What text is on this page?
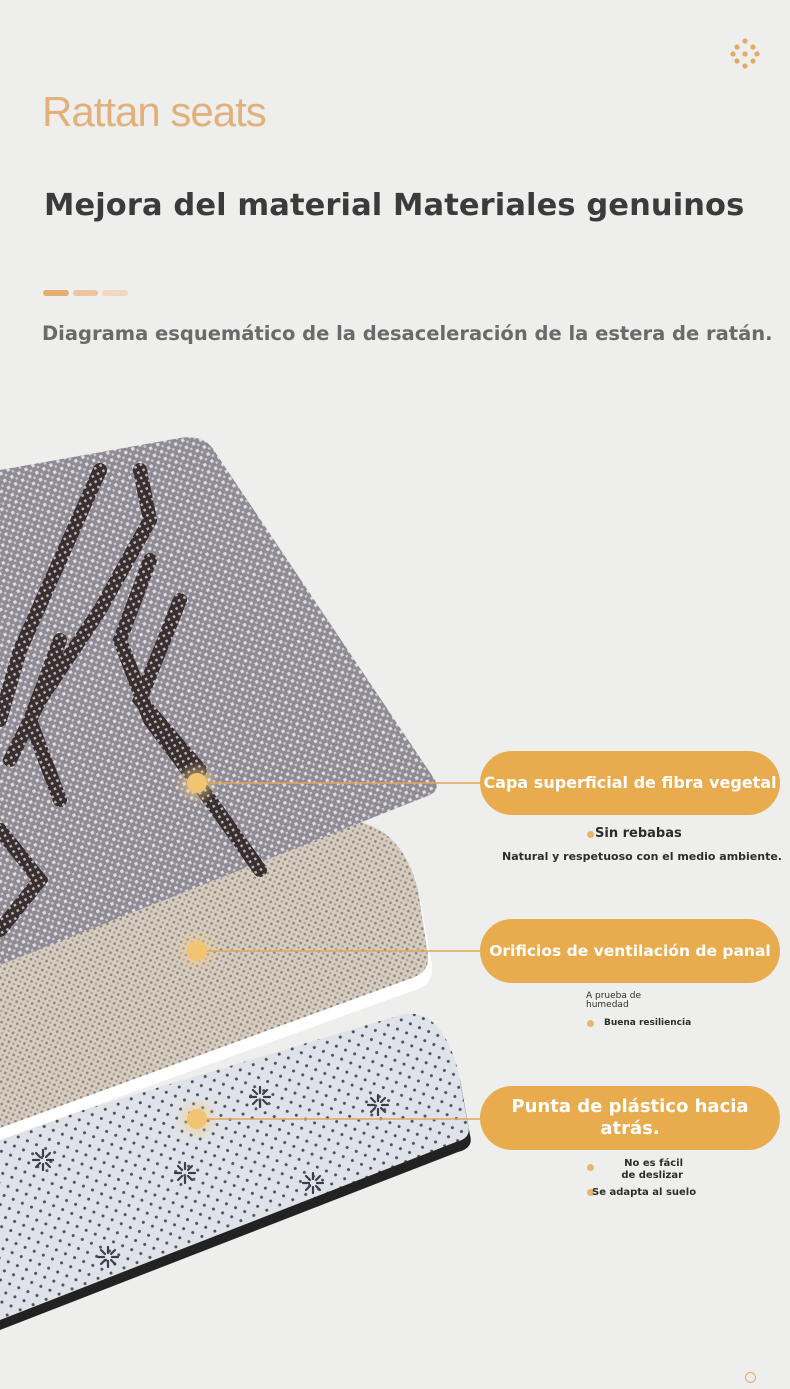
Rattan seats
Mejora del material Materiales genuinos

Diagrama esquemático de la desaceleración de la estera de ratán.

Capa superficial de fibra vegetal
Sin rebabas
Natural y respetuoso con el medio ambiente.
Orificios de ventilación de panal
A prueba de humedad
Buena resiliencia
Punta de plástico hacia atrás.
No es fácil de deslizar
Se adapta al suelo
